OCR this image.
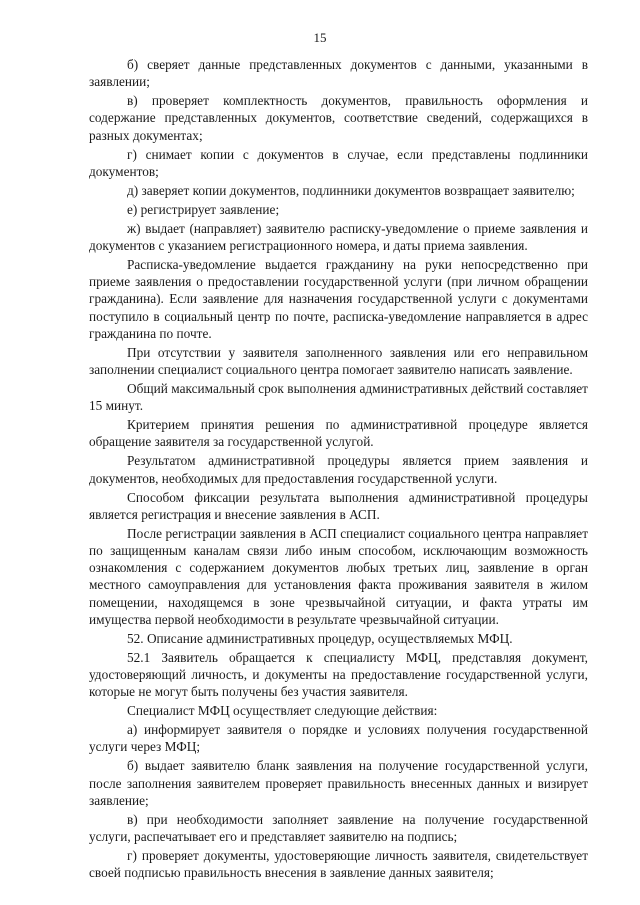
15

б) сверяет данные представленных документов с данными, указанными в заявлении;

в) проверяет комплектность документов, правильность оформления и содержание представленных документов, соответствие сведений, содержащихся в разных документах;

г) снимает копии с документов в случае, если представлены подлинники документов;

д) заверяет копии документов, подлинники документов возвращает заявителю;

е) регистрирует заявление;

ж) выдает (направляет) заявителю расписку-уведомление о приеме заявления и документов с указанием регистрационного номера, и даты приема заявления.

Расписка-уведомление выдается гражданину на руки непосредственно при приеме заявления о предоставлении государственной услуги (при личном обращении гражданина). Если заявление для назначения государственной услуги с документами поступило в социальный центр по почте, расписка-уведомление направляется в адрес гражданина по почте.

При отсутствии у заявителя заполненного заявления или его неправильном заполнении специалист социального центра помогает заявителю написать заявление.

Общий максимальный срок выполнения административных действий составляет 15 минут.

Критерием принятия решения по административной процедуре является обращение заявителя за государственной услугой.

Результатом административной процедуры является прием заявления и документов, необходимых для предоставления государственной услуги.

Способом фиксации результата выполнения административной процедуры является регистрация и внесение заявления в АСП.

После регистрации заявления в АСП специалист социального центра направляет по защищенным каналам связи либо иным способом, исключающим возможность ознакомления с содержанием документов любых третьих лиц, заявление в орган местного самоуправления для установления факта проживания заявителя в жилом помещении, находящемся в зоне чрезвычайной ситуации, и факта утраты им имущества первой необходимости в результате чрезвычайной ситуации.

52. Описание административных процедур, осуществляемых МФЦ.

52.1 Заявитель обращается к специалисту МФЦ, представляя документ, удостоверяющий личность, и документы на предоставление государственной услуги, которые не могут быть получены без участия заявителя.

Специалист МФЦ осуществляет следующие действия:

а) информирует заявителя о порядке и условиях получения государственной услуги через МФЦ;

б) выдает заявителю бланк заявления на получение государственной услуги, после заполнения заявителем проверяет правильность внесенных данных и визирует заявление;

в) при необходимости заполняет заявление на получение государственной услуги, распечатывает его и представляет заявителю на подпись;

г) проверяет документы, удостоверяющие личность заявителя, свидетельствует своей подписью правильность внесения в заявление данных заявителя;
